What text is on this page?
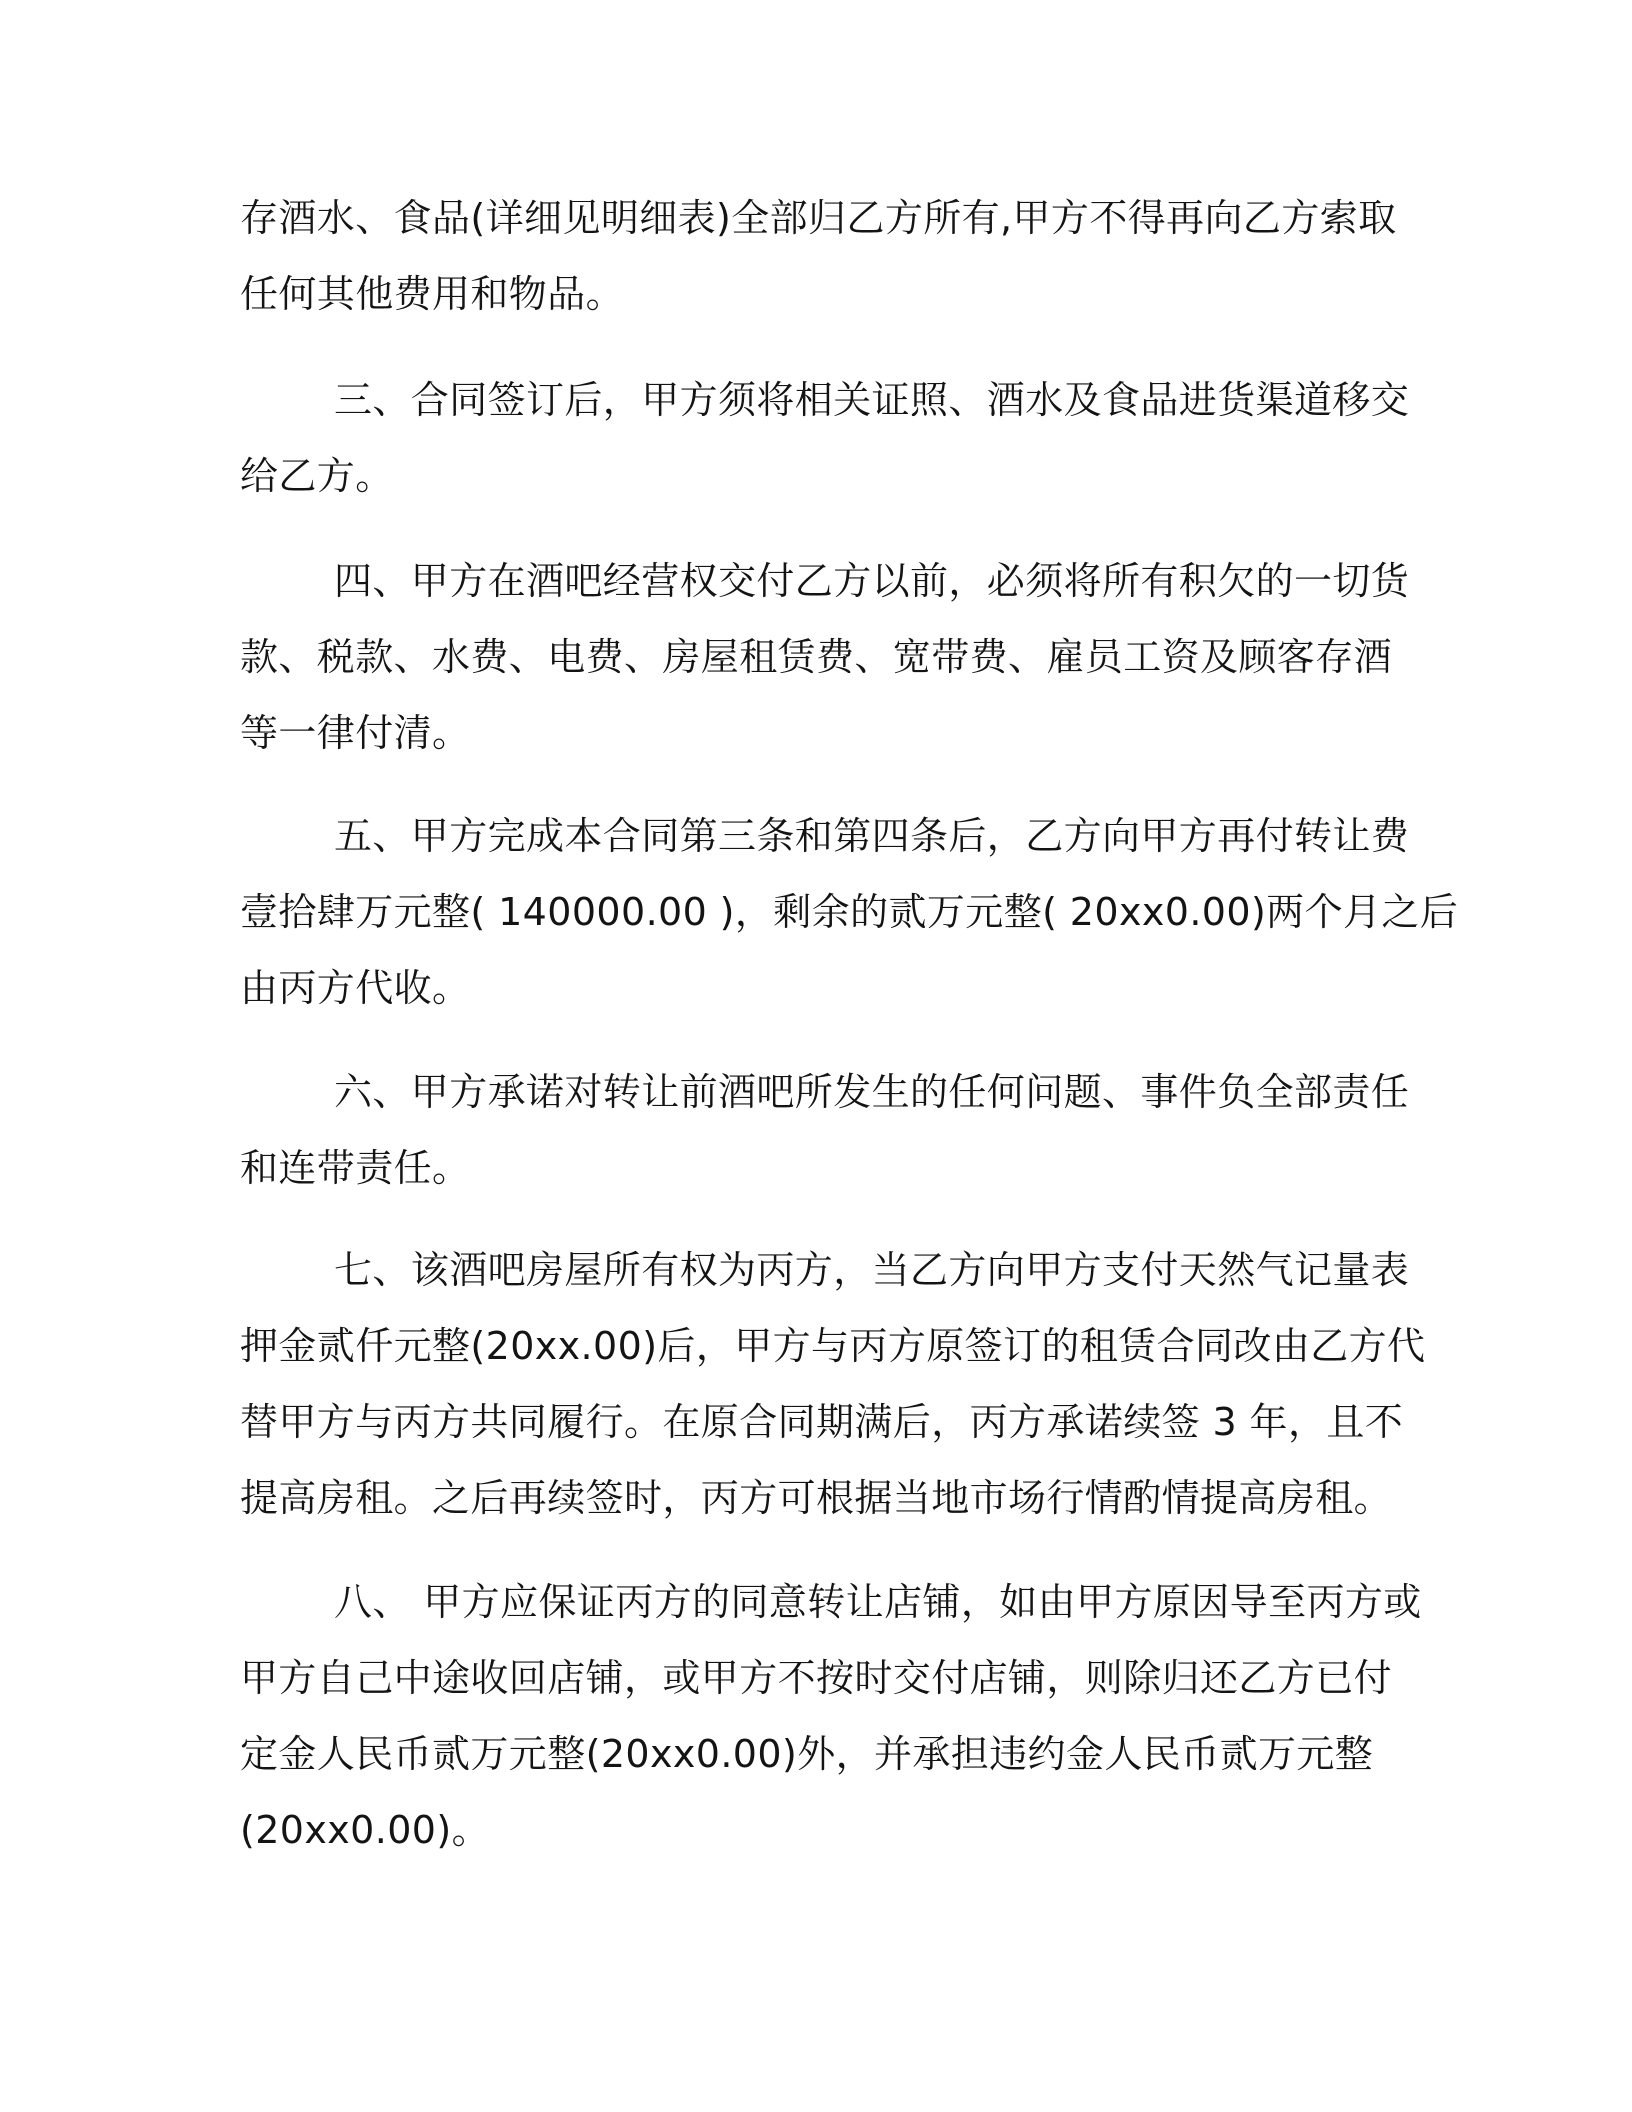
存酒水、食品(详细见明细表)全部归乙方所有,甲方不得再向乙方索取
任何其他费用和物品。
三、合同签订后，甲方须将相关证照、酒水及食品进货渠道移交
给乙方。
四、甲方在酒吧经营权交付乙方以前，必须将所有积欠的一切货
款、税款、水费、电费、房屋租赁费、宽带费、雇员工资及顾客存酒
等一律付清。
五、甲方完成本合同第三条和第四条后，乙方向甲方再付转让费
壹拾肆万元整( 140000.00 )，剩余的贰万元整( 20xx0.00)两个月之后
由丙方代收。
六、甲方承诺对转让前酒吧所发生的任何问题、事件负全部责任
和连带责任。
七、该酒吧房屋所有权为丙方，当乙方向甲方支付天然气记量表
押金贰仟元整(20xx.00)后，甲方与丙方原签订的租赁合同改由乙方代
替甲方与丙方共同履行。在原合同期满后，丙方承诺续签 3 年，且不
提高房租。之后再续签时，丙方可根据当地市场行情酌情提高房租。
八、 甲方应保证丙方的同意转让店铺，如由甲方原因导至丙方或
甲方自己中途收回店铺，或甲方不按时交付店铺，则除归还乙方已付
定金人民币贰万元整(20xx0.00)外，并承担违约金人民币贰万元整
(20xx0.00)。
